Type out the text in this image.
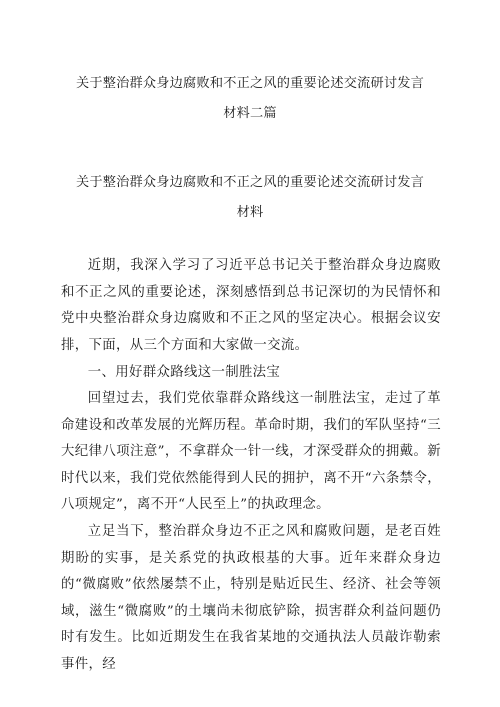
关于整治群众身边腐败和不正之风的重要论述交流研讨发言材料二篇
关于整治群众身边腐败和不正之风的重要论述交流研讨发言材料

近期，我深入学习了习近平总书记关于整治群众身边腐败和不正之风的重要论述，深刻感悟到总书记深切的为民情怀和党中央整治群众身边腐败和不正之风的坚定决心。根据会议安排，下面，从三个方面和大家做一交流。

一、用好群众路线这一制胜法宝

回望过去，我们党依靠群众路线这一制胜法宝，走过了革命建设和改革发展的光辉历程。革命时期，我们的军队坚持“三大纪律八项注意”，不拿群众一针一线，才深受群众的拥戴。新时代以来，我们党依然能得到人民的拥护，离不开“六条禁令，八项规定”，离不开“人民至上”的执政理念。

立足当下，整治群众身边不正之风和腐败问题，是老百姓期盼的实事，是关系党的执政根基的大事。近年来群众身边的“微腐败”依然屡禁不止，特别是贴近民生、经济、社会等领域，滋生“微腐败”的土壤尚未彻底铲除，损害群众利益问题仍时有发生。比如近期发生在我省某地的交通执法人员敲诈勒索事件，经
